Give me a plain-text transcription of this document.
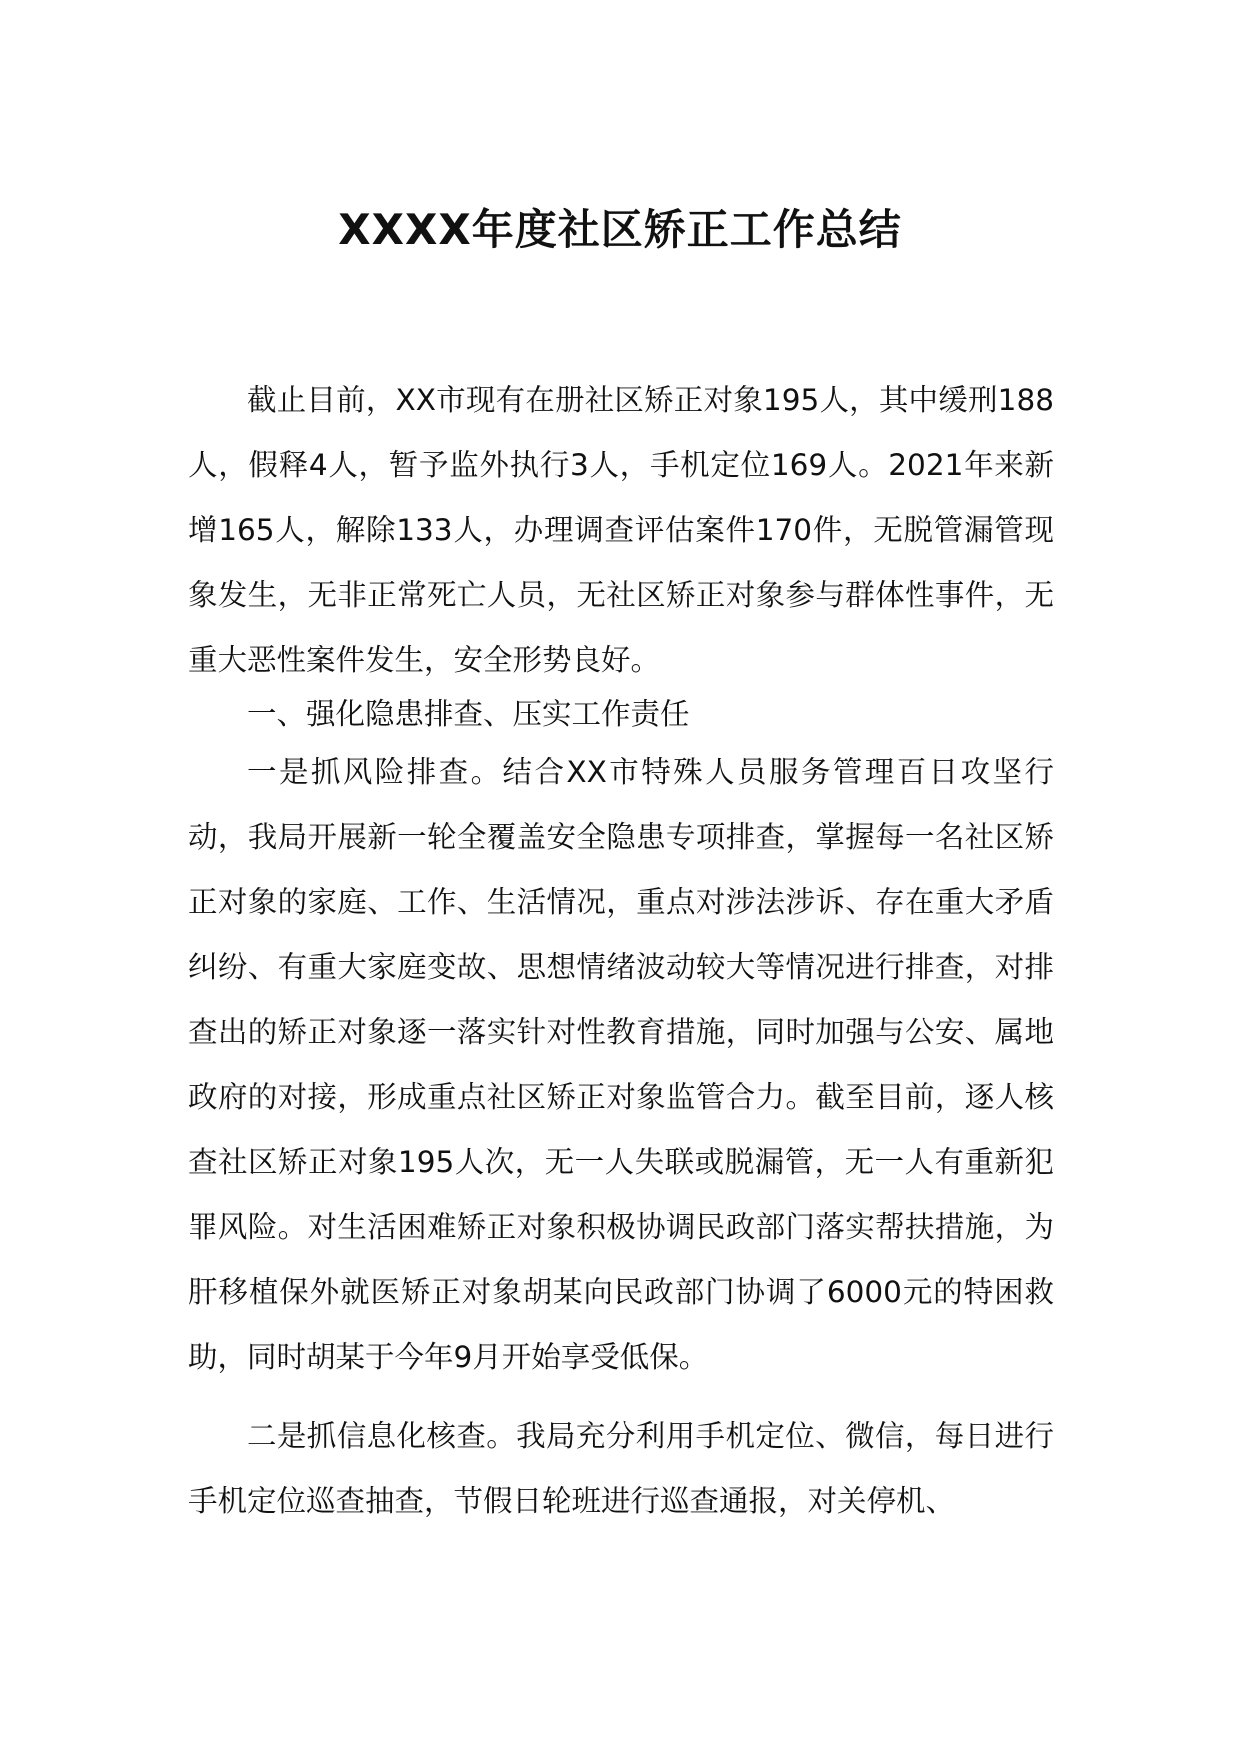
XXXX年度社区矫正工作总结

截止目前，XX市现有在册社区矫正对象195人，其中缓刑188人，假释4人，暂予监外执行3人，手机定位169人。2021年来新增165人，解除133人，办理调查评估案件170件，无脱管漏管现象发生，无非正常死亡人员，无社区矫正对象参与群体性事件，无重大恶性案件发生，安全形势良好。

一、强化隐患排查、压实工作责任

一是抓风险排查。结合XX市特殊人员服务管理百日攻坚行动，我局开展新一轮全覆盖安全隐患专项排查，掌握每一名社区矫正对象的家庭、工作、生活情况，重点对涉法涉诉、存在重大矛盾纠纷、有重大家庭变故、思想情绪波动较大等情况进行排查，对排查出的矫正对象逐一落实针对性教育措施，同时加强与公安、属地政府的对接，形成重点社区矫正对象监管合力。截至目前，逐人核查社区矫正对象195人次，无一人失联或脱漏管，无一人有重新犯罪风险。对生活困难矫正对象积极协调民政部门落实帮扶措施，为肝移植保外就医矫正对象胡某向民政部门协调了6000元的特困救助，同时胡某于今年9月开始享受低保。

二是抓信息化核查。我局充分利用手机定位、微信，每日进行手机定位巡查抽查，节假日轮班进行巡查通报，对关停机、
